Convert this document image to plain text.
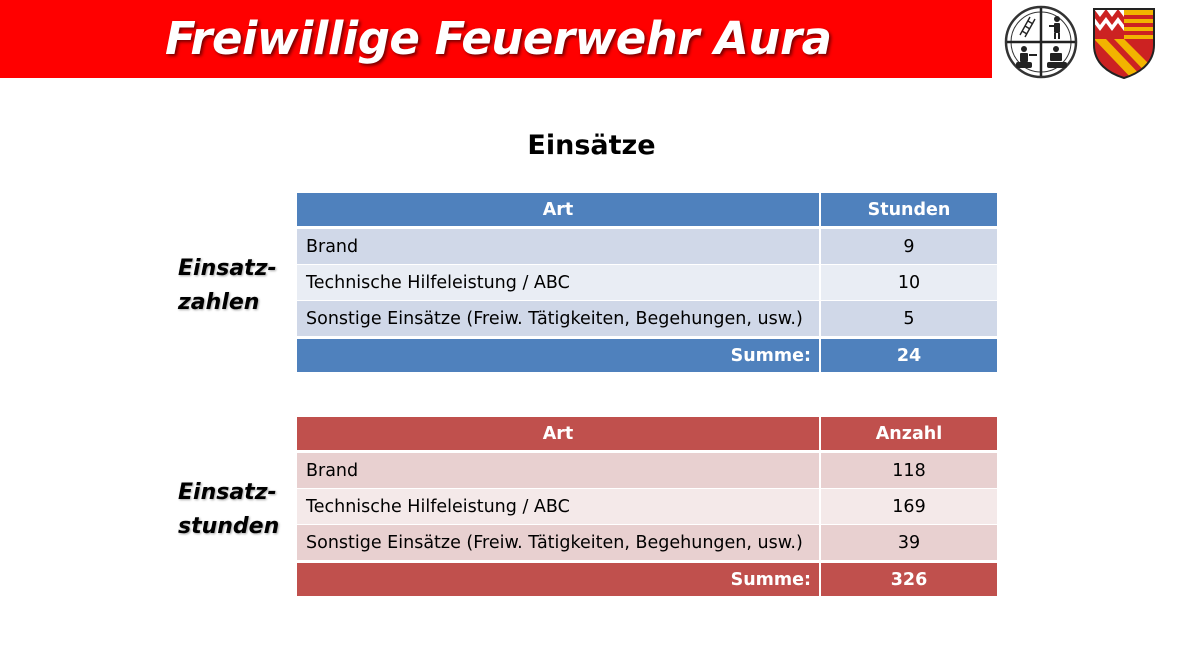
Freiwillige Feuerwehr Aura
Einsätze
Einsatz-
zahlen
Art	Stunden
Brand	9
Technische Hilfeleistung / ABC	10
Sonstige Einsätze (Freiw. Tätigkeiten, Begehungen, usw.)	5
Summe:	24
Einsatz-
stunden
Art	Anzahl
Brand	118
Technische Hilfeleistung / ABC	169
Sonstige Einsätze (Freiw. Tätigkeiten, Begehungen, usw.)	39
Summe:	326
